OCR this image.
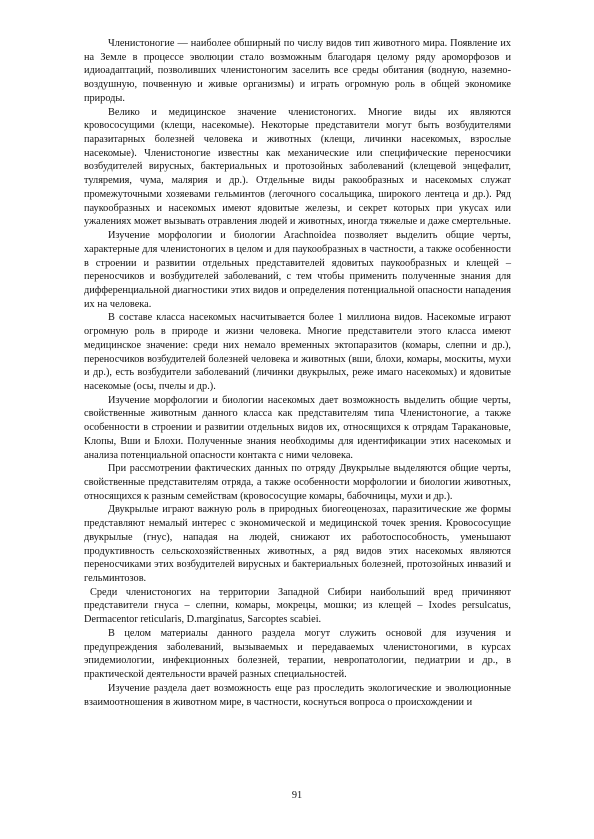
Членистоногие — наиболее обширный по числу видов тип животного мира. Появление их на Земле в процессе эволюции стало возможным благодаря целому ряду ароморфозов и идиоадаптаций, позволивших членистоногим заселить все среды обитания (водную, наземно-воздушную, почвенную и живые организмы) и играть огромную роль в общей экономике природы.

Велико и медицинское значение членистоногих. Многие виды их являются кровососущими (клещи, насекомые). Некоторые представители могут быть возбудителями паразитарных болезней человека и животных (клещи, личинки насекомых, взрослые насекомые). Членистоногие известны как механические или специфические переносчики возбудителей вирусных, бактериальных и протозойных заболеваний (клещевой энцефалит, туляремия, чума, малярия и др.). Отдельные виды ракообразных и насекомых служат промежуточными хозяевами гельминтов (легочного сосальщика, широкого лентеца и др.). Ряд паукообразных и насекомых имеют ядовитые железы, и секрет которых при укусах или ужалениях может вызывать отравления людей и животных, иногда тяжелые и даже смертельные.

Изучение морфологии и биологии Arachnoidea позволяет выделить общие черты, характерные для членистоногих в целом и для паукообразных в частности, а также особенности в строении и развитии отдельных представителей ядовитых паукообразных и клещей – переносчиков и возбудителей заболеваний, с тем чтобы применить полученные знания для дифференциальной диагностики этих видов и определения потенциальной опасности нападения их на человека.

В составе класса насекомых насчитывается более 1 миллиона видов. Насекомые играют огромную роль в природе и жизни человека. Многие представители этого класса имеют медицинское значение: среди них немало временных эктопаразитов (комары, слепни и др.), переносчиков возбудителей болезней человека и животных (вши, блохи, комары, москиты, мухи и др.), есть возбудители заболеваний (личинки двукрылых, реже имаго насекомых) и ядовитые насекомые (осы, пчелы и др.).

Изучение морфологии и биологии насекомых дает возможность выделить общие черты, свойственные животным данного класса как представителям типа Членистоногие, а также особенности в строении и развитии отдельных видов их, относящихся к отрядам Таракановые, Клопы, Вши и Блохи. Полученные знания необходимы для идентификации этих насекомых и анализа потенциальной опасности контакта с ними человека.

При рассмотрении фактических данных по отряду Двукрылые выделяются общие черты, свойственные представителям отряда, а также особенности морфологии и биологии животных, относящихся к разным семействам (кровососущие комары, бабочницы, мухи и др.).

Двукрылые играют важную роль в природных биогеоценозах, паразитические же формы представляют немалый интерес с экономической и медицинской точек зрения. Кровососущие двукрылые (гнус), нападая на людей, снижают их работоспособность, уменьшают продуктивность сельскохозяйственных животных, а ряд видов этих насекомых являются переносчиками этих возбудителей вирусных и бактериальных болезней, протозойных инвазий и гельминтозов.

Среди членистоногих на территории Западной Сибири наибольший вред причиняют представители гнуса – слепни, комары, мокрецы, мошки; из клещей – Ixodes persulcatus, Dermacentor reticularis, D.marginatus, Sarcoptes scabiei.

В целом материалы данного раздела могут служить основой для изучения и предупреждения заболеваний, вызываемых и передаваемых членистоногими, в курсах эпидемиологии, инфекционных болезней, терапии, невропатологии, педиатрии и др., в практической деятельности врачей разных специальностей.

Изучение раздела дает возможность еще раз проследить экологические и эволюционные взаимоотношения в животном мире, в частности, коснуться вопроса о происхождении и

91
